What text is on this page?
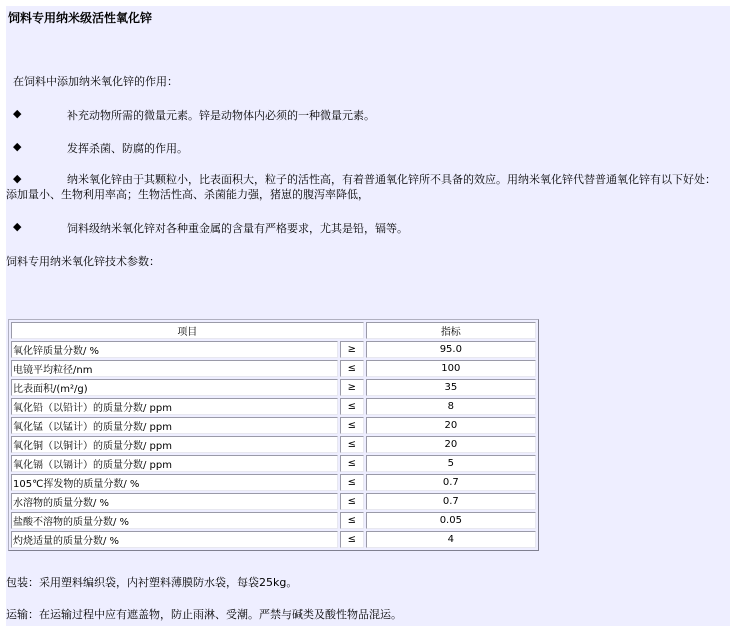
饲料专用纳米级活性氧化锌
在饲料中添加纳米氧化锌的作用：
◆	补充动物所需的微量元素。锌是动物体内必须的一种微量元素。
◆	发挥杀菌、防腐的作用。
◆	纳米氧化锌由于其颗粒小，比表面积大，粒子的活性高，有着普通氧化锌所不具备的效应。用纳米氧化锌代替普通氧化锌有以下好处：添加量小、生物利用率高；生物活性高、杀菌能力强，猪崽的腹泻率降低，
◆	饲料级纳米氧化锌对各种重金属的含量有严格要求，尤其是铅，镉等。
饲料专用纳米氧化锌技术参数：
项目		指标
氧化锌质量分数/ %	≥	95.0
电镜平均粒径/nm	≤	100
比表面积/(m²/g)	≥	35
氧化铅（以铅计）的质量分数/ ppm	≤	8
氧化锰（以锰计）的质量分数/ ppm	≤	20
氧化铜（以铜计）的质量分数/ ppm	≤	20
氧化镉（以镉计）的质量分数/ ppm	≤	5
105℃挥发物的质量分数/ %	≤	0.7
水溶物的质量分数/ %	≤	0.7
盐酸不溶物的质量分数/ %	≤	0.05
灼烧适量的质量分数/ %	≤	4
包装：采用塑料编织袋，内衬塑料薄膜防水袋，每袋25kg。
运输：在运输过程中应有遮盖物，防止雨淋、受潮。严禁与碱类及酸性物品混运。
